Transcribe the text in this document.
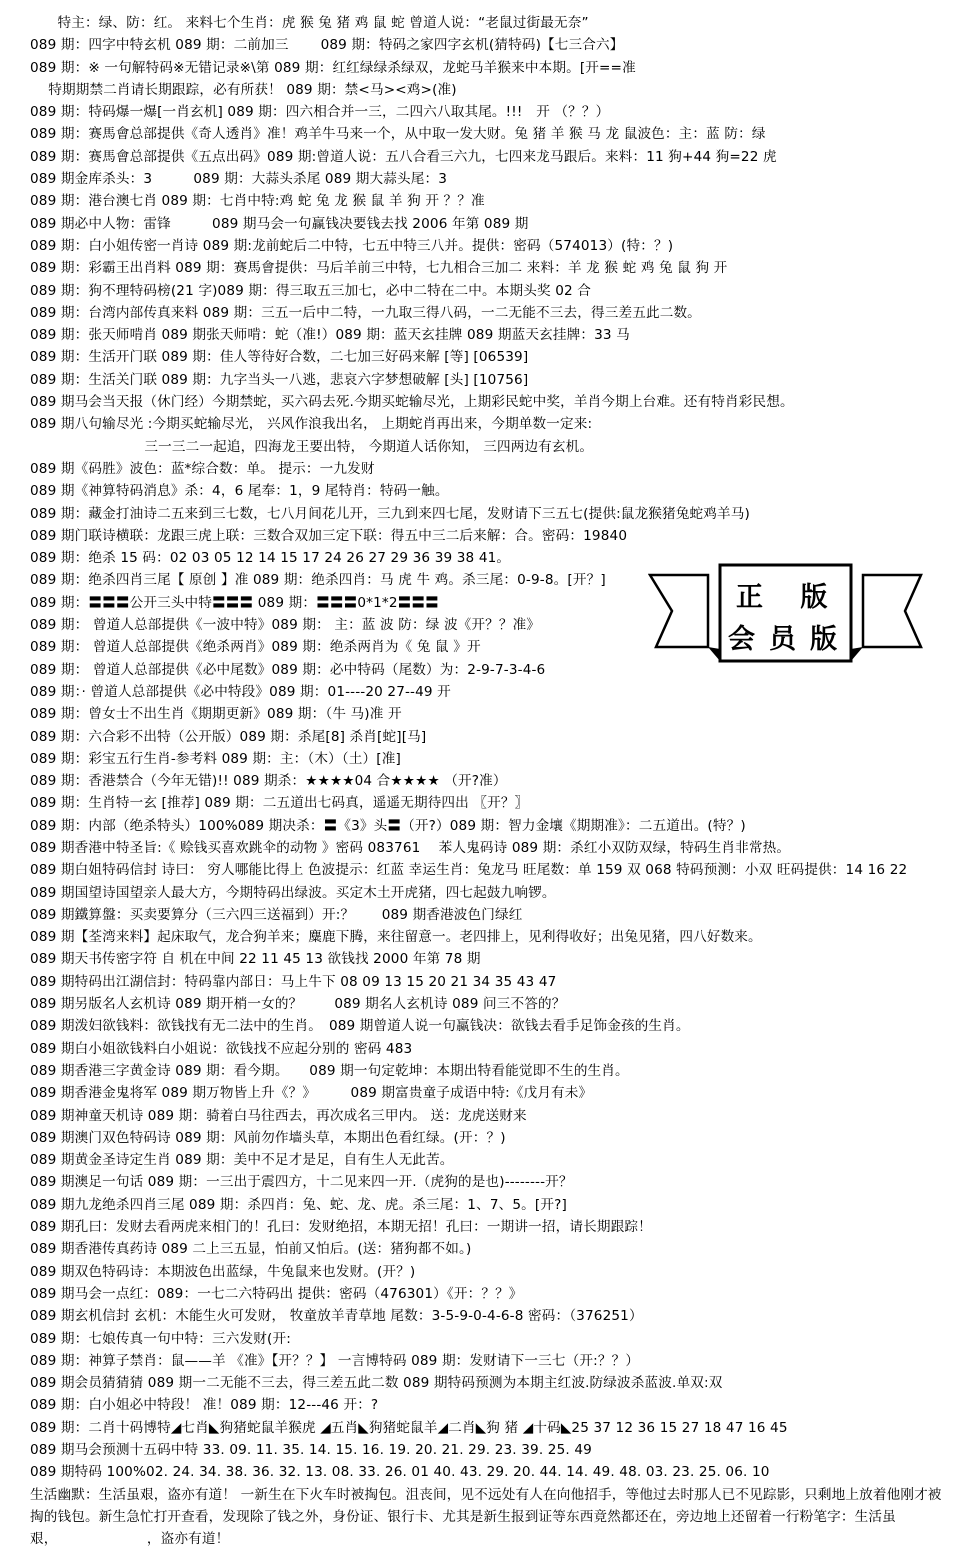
　　特主：绿、防：红。 来料七个生肖：虎 猴 兔 猪 鸡 鼠 蛇 曾道人说：“老鼠过街最无奈”
089 期：四字中特玄机 089 期：二前加三　　 089 期：特码之家四字玄机(猜特码)【七三合六】
089 期：※ 一句解特码※无错记录※\第 089 期：红红绿绿杀绿双，龙蛇马羊猴来中本期。[开==准
　 特期期禁二肖请长期跟踪，必有所获！ 089 期：禁<马><鸡>(准)
089 期：特码爆一爆[一肖玄机] 089 期：四六相合并一三，二四六八取其尾。!!!　开 （？？）
089 期：赛馬會总部提供《奇人透肖》准！鸡羊牛马来一个，从中取一发大财。兔 猪 羊 猴 马 龙 鼠波色：主：蓝 防：绿
089 期：赛馬會总部提供《五点出码》089 期:曾道人说：五八合看三六九，七四来龙马跟后。来料：11 狗+44 狗=22 虎
089 期金库杀头：3　　　089 期：大蒜头杀尾 089 期大蒜头尾：3
089 期：港台澳七肖 089 期：七肖中特:鸡 蛇 兔 龙 猴 鼠 羊 狗 开 ？？准
089 期必中人物：雷锋　　　089 期马会一句赢钱决要钱去找 2006 年第 089 期
089 期：白小姐传密一肖诗 089 期:龙前蛇后二中特，七五中特三八并。提供：密码（574013）(特：？)
089 期：彩霸王出肖料 089 期：赛馬會提供：马后羊前三中特，七九相合三加二 来料：羊 龙 猴 蛇 鸡 兔 鼠 狗 开
089 期：狗不理特码榜(21 字)089 期：得三取五三加七，必中二特在二中。本期头奖 02 合
089 期：台湾内部传真来料 089 期：三五一后中二特，一九取三得八码，一二无能不三去，得三差五此二数。
089 期：张天师啃肖 089 期张天师啃：蛇（准!）089 期：蓝天玄挂牌 089 期蓝天玄挂牌：33 马
089 期：生活开门联 089 期：佳人等待好合数，二七加三好码来解 [等] [06539]
089 期：生活关门联 089 期：九字当头一八逃，悲哀六字梦想破解 [头] [10756]
089 期马会当天报（休门经）今期禁蛇，买六码去死.今期买蛇输尽光，上期彩民蛇中奖，羊肖今期上台难。还有特肖彩民想。
089 期八句输尽光 :今期买蛇输尽光， 兴风作浪我出名， 上期蛇肖再出来，今期单数一定来:
　　　　　　　　 三一三二一起追，四海龙王要出特， 今期道人话你知， 三四两边有玄机。
089 期《码胜》波色：蓝*综合数：单。 提示：一九发财
089 期《神算特码消息》杀：4，6 尾奉：1，9 尾特肖：特码一触。
089 期：藏金打油诗二五来到三七数，七八月间花儿开，三九到来四七尾，发财请下三五七(提供:鼠龙猴猪兔蛇鸡羊马)
089 期门联诗横联：龙跟三虎上联：三数合双加三定下联：得五中三二后来解：合。密码：19840
089 期：绝杀 15 码：02 03 05 12 14 15 17 24 26 27 29 36 39 38 41。
089 期：绝杀四肖三尾【 原创 】准 089 期：绝杀四肖：马 虎 牛 鸡。杀三尾：0-9-8。[开？]
089 期：〓〓〓公开三头中特〓〓〓 089 期：〓〓〓0*1*2〓〓〓
089 期： 曾道人总部提供《一波中特》089 期： 主：蓝 波 防：绿 波《开？？准》
089 期： 曾道人总部提供《绝杀两肖》089 期：绝杀两肖为《 兔 鼠 》开
089 期： 曾道人总部提供《必中尾数》089 期：必中特码（尾数）为：2-9-7-3-4-6
089 期：· 曾道人总部提供《必中特段》089 期：01----20 27--49 开
089 期：曾女士不出生肖《期期更新》089 期：（牛 马)准 开
089 期：六合彩不出特（公开版）089 期：杀尾[8] 杀肖[蛇][马]
089 期：彩宝五行生肖-参考料 089 期：主：（木）（土）[准]
089 期：香港禁合（今年无错)!! 089 期杀：★★★★04 合★★★★ （开?准）
089 期：生肖特一玄 [推荐] 089 期：二五道出七码真，遥遥无期待四出 〖开？〗
089 期：内部（绝杀特头）100%089 期决杀：〓《3》头〓（开?）089 期：智力金壤《期期准》：二五道出。(特？)
089 期香港中特圣旨:《 赊钱买喜欢跳伞的动物 》密码 083761　 苯人鬼码诗 089 期：杀红小双防双绿，特码生肖非常热。
089 期白姐特码信封 诗曰： 穷人哪能比得上 色波提示：红蓝 幸运生肖：兔龙马 旺尾数：单 159 双 068 特码预测：小双 旺码提供：14 16 22
089 期国望诗国望亲人最大方，今期特码出绿波。买定木土开虎猪，四七起鼓九响锣。
089 期鐵算盤：买卖要算分（三六四三送福到）开:？　　089 期香港波色门绿红
089 期【荃湾来料】起床取气，龙合狗羊来；麋鹿下腾，来往留意一。老四排上，见利得收好；出兔见猪，四八好数来。
089 期天书传密字符 自 机在中间 22 11 45 13 欲钱找 2000 年第 78 期
089 期特码出江湖信封：特码靠内部日：马上牛下 08 09 13 15 20 21 34 35 43 47
089 期另版名人玄机诗 089 期开梢一女的？　　 089 期名人玄机诗 089 问三不答的？
089 期泼妇欲钱料：欲钱找有无二法中的生肖。　089 期曾道人说一句赢钱决：欲钱去看手足饰金孩的生肖。
089 期白小姐欲钱料白小姐说：欲钱找不应起分别的 密码 483
089 期香港三字黄金诗 089 期：看今期。　　089 期一句定乾坤：本期出特看能觉即不生的生肖。
089 期香港金鬼将军 089 期万物皆上升《？》　　　089 期富贵童子成语中特:《戊月有未》
089 期神童天机诗 089 期：骑着白马往西去，再次成名三甲内。 送：龙虎送财来
089 期澳门双色特码诗 089 期：风前勿作墙头草，本期出色看红绿。(开：？)
089 期黄金圣诗定生肖 089 期：美中不足才是足，自有生人无此苦。
089 期澳足一句话 089 期：一三出于震四方，十二见来四一开.（虎狗的是也)--------开？
089 期九龙绝杀四肖三尾 089 期：杀四肖：兔、蛇、龙、虎。杀三尾：1、7、5。[开?]
089 期孔曰：发财去看两虎来相门的！孔曰：发财绝招，本期无招！孔曰：一期讲一招，请长期跟踪！
089 期香港传真药诗 089 二上三五显，怕前又怕后。(送：猪狗都不如。)
089 期双色特码诗：本期波色出蓝绿，牛兔鼠来也发财。(开？)
089 期马会一点红：089：一七二六特码出 提供：密码（476301）《开：？？》
089 期玄机信封 玄机：木能生火可发财， 牧童放羊青草地 尾数：3-5-9-0-4-6-8 密码：（376251）
089 期：七娘传真一句中特：三六发财(开:
089 期：神算子禁肖：鼠——羊 《准》【开？？】 一言博特码 089 期：发财请下一三七（开:？？）
089 期会员猜猜猜 089 期一二无能不三去，得三差五此二数 089 期特码预测为本期主红波.防绿波杀蓝波.单双:双
089 期：白小姐必中特段！ 准！089 期：12---46 开：?
089 期：二肖十码博特◢七肖◣狗猪蛇鼠羊猴虎 ◢五肖◣狗猪蛇鼠羊◢二肖◣狗 猪 ◢十码◣25 37 12 36 15 27 18 47 16 45
089 期马会预测十五码中特 33. 09. 11. 35. 14. 15. 16. 19. 20. 21. 29. 23. 39. 25. 49
089 期特码 100%02. 24. 34. 38. 36. 32. 13. 08. 33. 26. 01 40. 43. 29. 20. 44. 14. 49. 48. 03. 23. 25. 06. 10
生活幽默：生活虽艰，盗亦有道！ 一新生在下火车时被掏包。沮丧间，见不远处有人在向他招手，等他过去时那人已不见踪影，只剩地上放着他刚才被掏的钱包。新生急忙打开查看，发现除了钱之外，身份证、银行卡、尤其是新生报到证等东西竟然都还在，旁边地上还留着一行粉笔字：生活虽艰，　　　　　　　，盗亦有道！
正 版
会员版
